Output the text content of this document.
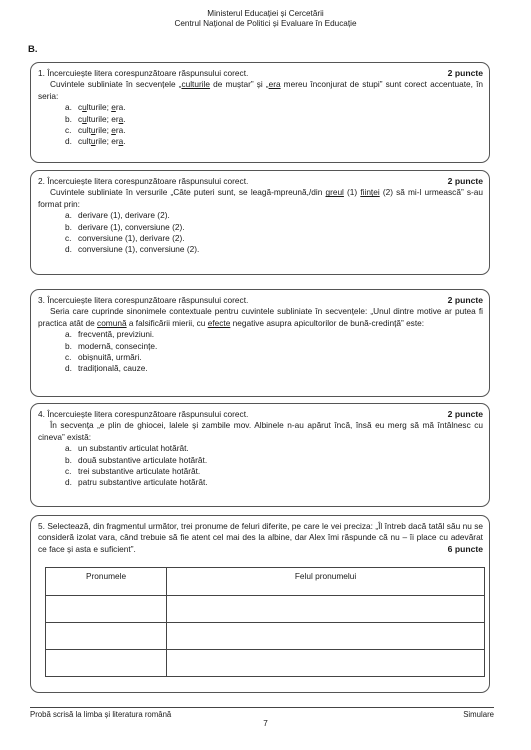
Ministerul Educației și Cercetării
Centrul Național de Politici și Evaluare în Educație
B.
1. Încercuiește litera corespunzătoare răspunsului corect.	2 puncte
Cuvintele subliniate în secvențele „culturile de muștar” și „era mereu înconjurat de stupi” sunt corect accentuate, în seria:
a. culturile; era.
b. culturile; era.
c. culturile; era.
d. culturile; era.
2. Încercuiește litera corespunzătoare răspunsului corect.	2 puncte
Cuvintele subliniate în versurile „Câte puteri sunt, se leagă-mpreună,/din greul (1) ființei (2) să mi-l urmească” s-au format prin:
a. derivare (1), derivare (2).
b. derivare (1), conversiune (2).
c. conversiune (1), derivare (2).
d. conversiune (1), conversiune (2).
3. Încercuiește litera corespunzătoare răspunsului corect.	2 puncte
Seria care cuprinde sinonimele contextuale pentru cuvintele subliniate în secvențele: „Unul dintre motive ar putea fi practica atât de comună a falsificării mierii, cu efecte negative asupra apicultorilor de bună-credință” este:
a. frecventă, previziuni.
b. modernă, consecințe.
c. obișnuită, urmări.
d. tradițională, cauze.
4. Încercuiește litera corespunzătoare răspunsului corect.	2 puncte
În secvența „e plin de ghiocei, lalele și zambile mov. Albinele n-au apărut încă, însă eu merg să mă întâlnesc cu cineva” există:
a. un substantiv articulat hotărât.
b. două substantive articulate hotărât.
c. trei substantive articulate hotărât.
d. patru substantive articulate hotărât.
5. Selectează, din fragmentul următor, trei pronume de feluri diferite, pe care le vei preciza: „Îl întreb dacă tatăl său nu se consideră izolat vara, când trebuie să fie atent cel mai des la albine, dar Alex îmi răspunde că nu – îi place cu adevărat ce face și asta e suficient”.	6 puncte
Pronumele	Felul pronumelui

Probă scrisă la limba și literatura română	Simulare
7
